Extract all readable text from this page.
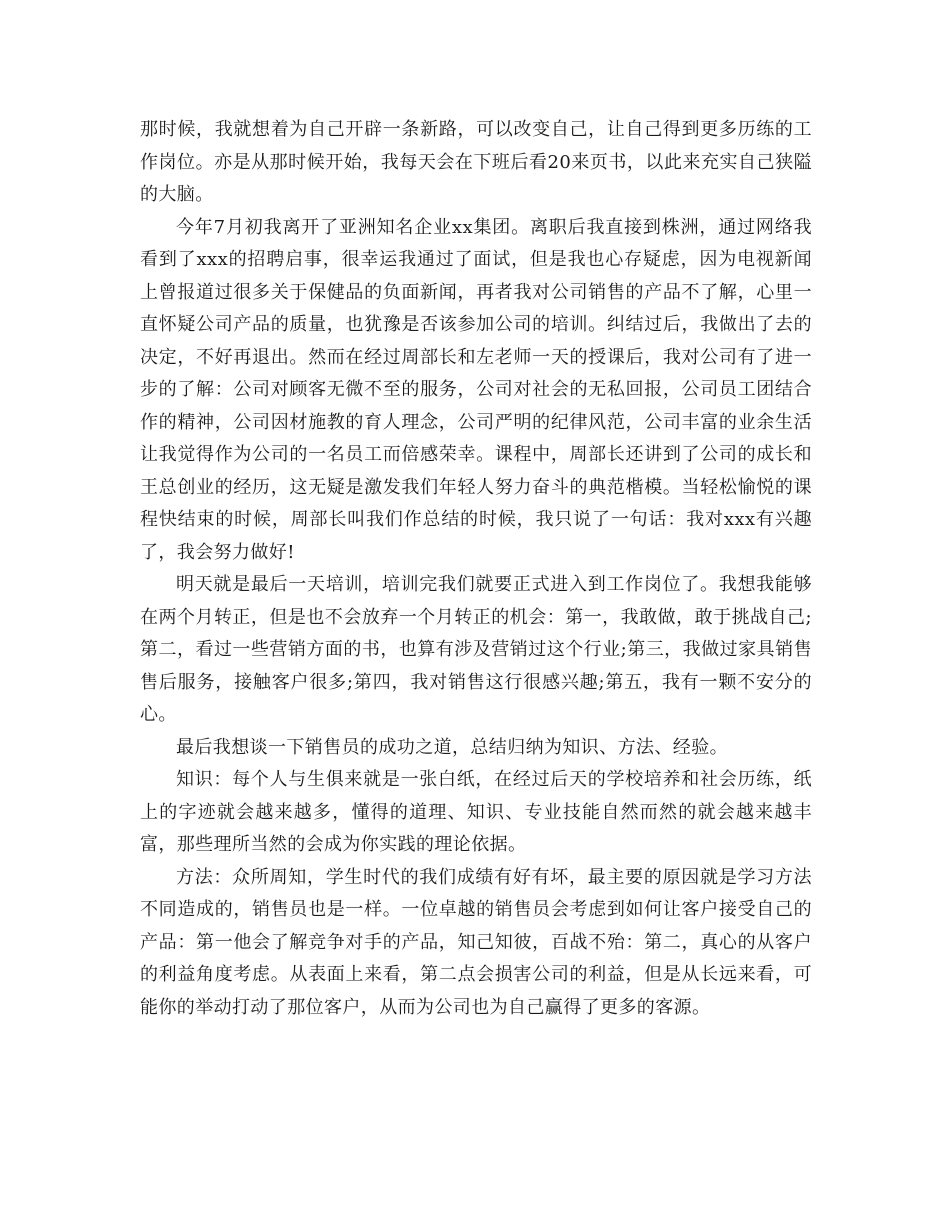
那时候，我就想着为自己开辟一条新路，可以改变自己，让自己得到更多历练的工作岗位。亦是从那时候开始，我每天会在下班后看20来页书，以此来充实自己狭隘的大脑。

今年7月初我离开了亚洲知名企业xx集团。离职后我直接到株洲，通过网络我看到了xxx的招聘启事，很幸运我通过了面试，但是我也心存疑虑，因为电视新闻上曾报道过很多关于保健品的负面新闻，再者我对公司销售的产品不了解，心里一直怀疑公司产品的质量，也犹豫是否该参加公司的培训。纠结过后，我做出了去的决定，不好再退出。然而在经过周部长和左老师一天的授课后，我对公司有了进一步的了解：公司对顾客无微不至的服务，公司对社会的无私回报，公司员工团结合作的精神，公司因材施教的育人理念，公司严明的纪律风范，公司丰富的业余生活让我觉得作为公司的一名员工而倍感荣幸。课程中，周部长还讲到了公司的成长和王总创业的经历，这无疑是激发我们年轻人努力奋斗的典范楷模。当轻松愉悦的课程快结束的时候，周部长叫我们作总结的时候，我只说了一句话：我对xxx有兴趣了，我会努力做好!

明天就是最后一天培训，培训完我们就要正式进入到工作岗位了。我想我能够在两个月转正，但是也不会放弃一个月转正的机会：第一，我敢做，敢于挑战自己;第二，看过一些营销方面的书，也算有涉及营销过这个行业;第三，我做过家具销售售后服务，接触客户很多;第四，我对销售这行很感兴趣;第五，我有一颗不安分的心。

最后我想谈一下销售员的成功之道，总结归纳为知识、方法、经验。

知识：每个人与生俱来就是一张白纸，在经过后天的学校培养和社会历练，纸上的字迹就会越来越多，懂得的道理、知识、专业技能自然而然的就会越来越丰富，那些理所当然的会成为你实践的理论依据。

方法：众所周知，学生时代的我们成绩有好有坏，最主要的原因就是学习方法不同造成的，销售员也是一样。一位卓越的销售员会考虑到如何让客户接受自己的产品：第一他会了解竞争对手的产品，知己知彼，百战不殆：第二，真心的从客户的利益角度考虑。从表面上来看，第二点会损害公司的利益，但是从长远来看，可能你的举动打动了那位客户，从而为公司也为自己赢得了更多的客源。
